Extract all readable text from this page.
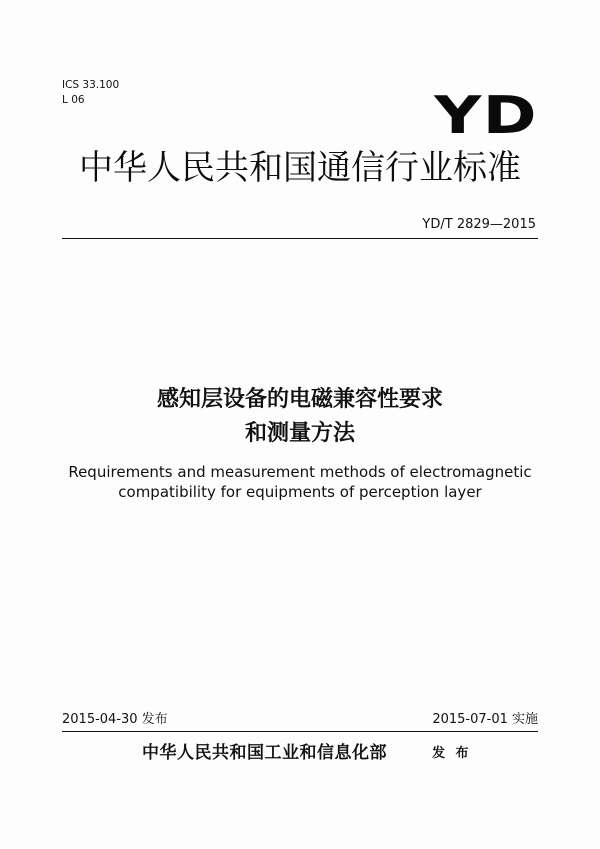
ICS 33.100
L 06	YD
中华人民共和国通信行业标准
YD/T 2829—2015
感知层设备的电磁兼容性要求
和测量方法
Requirements and measurement methods of electromagnetic
compatibility for equipments of perception layer
2015-04-30 发布	2015-07-01 实施
中华人民共和国工业和信息化部	发 布
